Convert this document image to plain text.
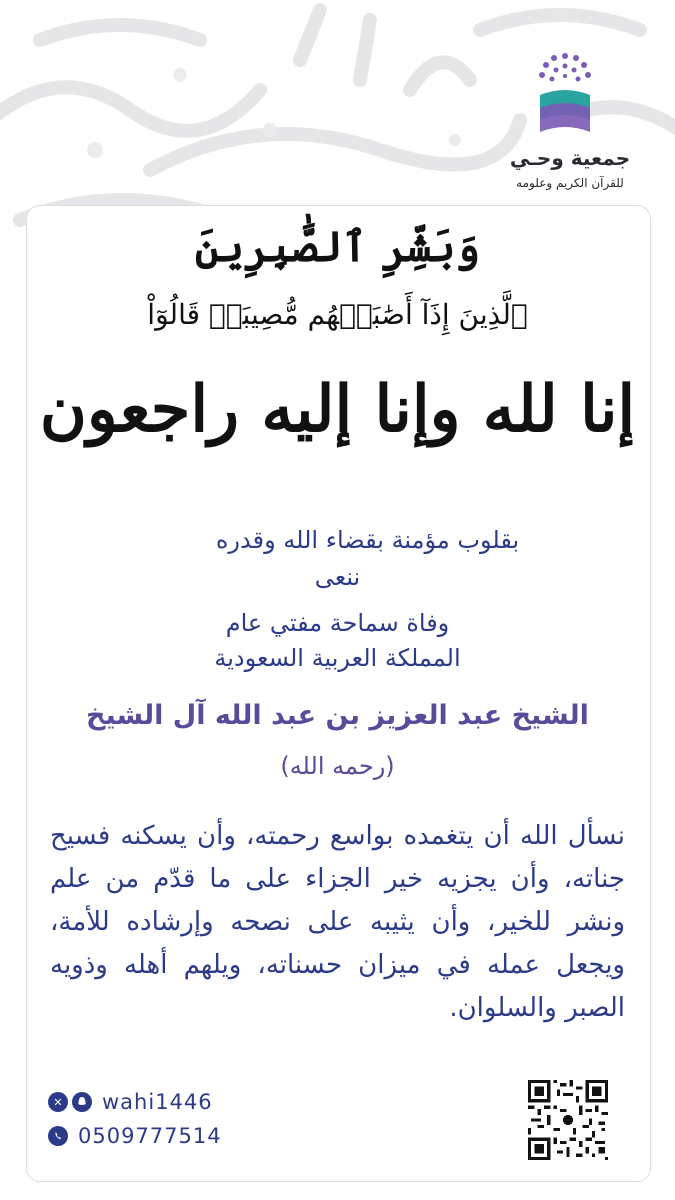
جمعية وحـي
للقرآن الكريم وعلومه
وَبَشِّرِ ٱلصَّٰبِرِينَ
ٱلَّذِينَ إِذَآ أَصَٰبَتۡهُم مُّصِيبَةٞ قَالُوٓاْ
إنا لله وإنا إليه راجعون
بقلوب مؤمنة بقضاء الله وقدره
ننعى
وفاة سماحة مفتي عام
المملكة العربية السعودية
الشيخ عبد العزيز بن عبد الله آل الشيخ
(رحمه الله)
نسأل الله أن يتغمده بواسع رحمته، وأن يسكنه فسيح جناته، وأن يجزيه خير الجزاء على ما قدّم من علم ونشر للخير، وأن يثيبه على نصحه وإرشاده للأمة، ويجعل عمله في ميزان حسناته، ويلهم أهله وذويه الصبر والسلوان.
✕ wahi1446
0509777514
